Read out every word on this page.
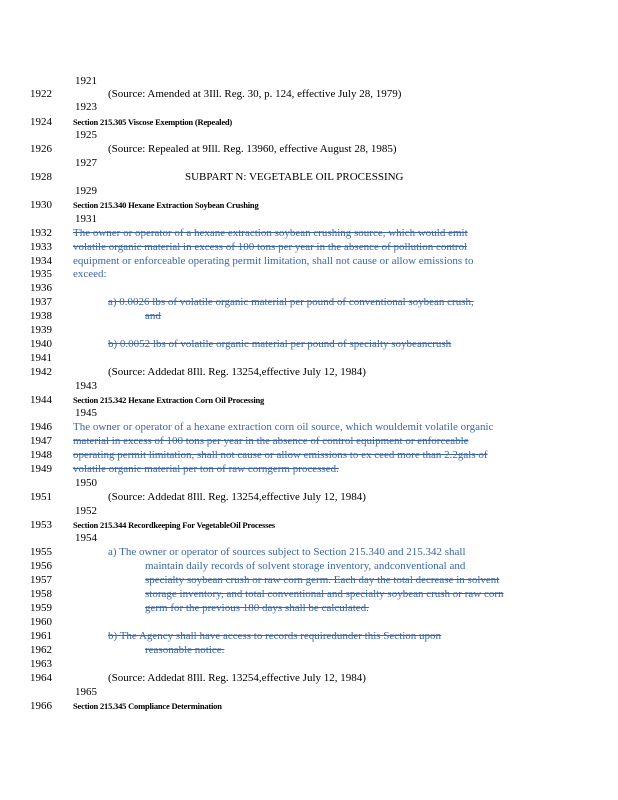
1921
1922
1923
1924
1925
1926
1927
1928
1929
1930
1931
1932
1933
1934
1935
1936
1937
1938
1939
1940
1941
1942
1943
1944
1945
1946
1947
1948
1949
1950
1951
1952
1953
1954
1955
1956
1957
1958
1959
1960
1961
1962
1963
1964
1965
1966
(Source: Amended at 3Ill. Reg. 30, p. 124, effective July 28, 1979)
Section 215.305 Viscose Exemption (Repealed)
(Source: Repealed at 9Ill. Reg. 13960, effective August 28, 1985)
SUBPART N: VEGETABLE OIL PROCESSING
Section 215.340 Hexane Extraction Soybean Crushing
The owner or operator of a hexane extraction soybean crushing source, which would emit
volatile organic material in excess of 100 tons per year in the absence of pollution control
equipment or enforceable operating permit limitation, shall not cause or allow emissions to
exceed:
a) 0.0026 lbs of volatile organic material per pound of conventional soybean crush,
and
b) 0.0052 lbs of volatile organic material per pound of specialty soybeancrush
(Source: Addedat 8Ill. Reg. 13254,effective July 12, 1984)
Section 215.342 Hexane Extraction Corn Oil Processing
The owner or operator of a hexane extraction corn oil source, which wouldemit volatile organic
material in excess of 100 tons per year in the absence of control equipment or enforceable
operating permit limitation, shall not cause or allow emissions to ex ceed more than 2.2gals of
volatile organic material per ton of raw corngerm processed.
(Source: Addedat 8Ill. Reg. 13254,effective July 12, 1984)
Section 215.344 Recordkeeping For VegetableOil Processes
a) The owner or operator of sources subject to Section 215.340 and 215.342 shall
maintain daily records of solvent storage inventory, andconventional and
specialty soybean crush or raw corn germ. Each day the total decrease in solvent
storage inventory, and total conventional and specialty soybean crush or raw corn
germ for the previous 180 days shall be calculated.
b) The Agency shall have access to records requiredunder this Section upon
reasonable notice.
(Source: Addedat 8Ill. Reg. 13254,effective July 12, 1984)
Section 215.345 Compliance Determination
